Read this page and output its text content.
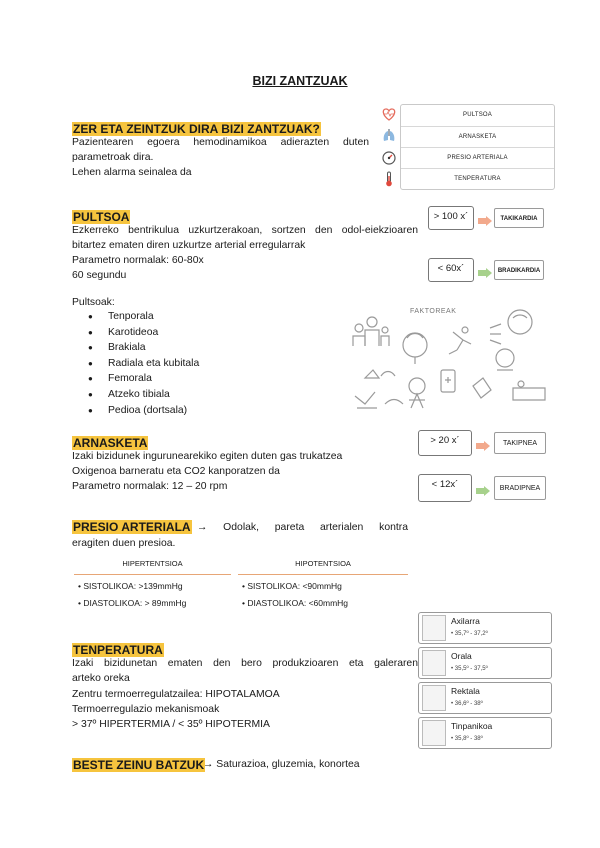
BIZI ZANTZUAK
ZER ETA ZEINTZUK DIRA BIZI ZANTZUAK?
Pazientearen egoera hemodinamikoa adierazten duten
parametroak dira.
Lehen alarma seinalea da
PULTSOA
ARNASKETA
PRESIO ARTERIALA
TENPERATURA
PULTSOA
Ezkerreko bentrikulua uzkurtzerakoan, sortzen den odol-eiekzioaren
bitartez ematen diren uzkurtze arterial erregularrak
Parametro normalak: 60-80x
60 segundu
Pultsoak:
● Tenporala
● Karotideoa
● Brakiala
● Radiala eta kubitala
● Femorala
● Atzeko tibiala
● Pedioa (dortsala)
> 100 x´	TAKIKARDIA
< 60x´	BRADIKARDIA
FAKTOREAK
ARNASKETA
Izaki bizidunek ingurunearekiko egiten duten gas trukatzea
Oxigenoa barneratu eta CO2 kanporatzen da
Parametro normalak: 12 – 20 rpm
> 20 x´	TAKIPNEA
< 12x´	BRADIPNEA
PRESIO ARTERIALA → Odolak, pareta arterialen kontra
eragiten duen presioa.
HIPERTENTSIOA
• SISTOLIKOA: >139mmHg
• DIASTOLIKOA: > 89mmHg
HIPOTENTSIOA
• SISTOLIKOA: <90mmHg
• DIASTOLIKOA: <60mmHg
TENPERATURA
Izaki bizidunetan ematen den bero produkzioaren eta galeraren
arteko oreka
Zentru termoerregulatzailea: HIPOTALAMOA
Termoerregulazio mekanismoak
> 37º HIPERTERMIA / < 35º HIPOTERMIA
Axilarra
• 35,7º - 37,2º
Orala
• 35,5º - 37,5º
Rektala
• 36,6º - 38º
Tinpanikoa
• 35,8º - 38º
BESTE ZEINU BATZUK
→ Saturazioa, gluzemia, konortea
